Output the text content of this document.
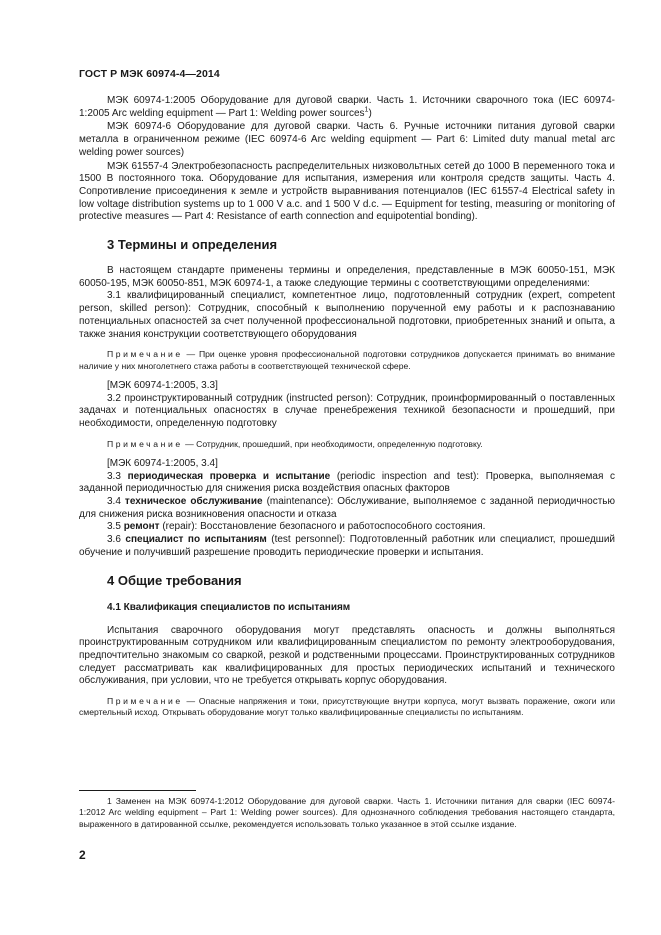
ГОСТ Р МЭК 60974-4—2014

МЭК 60974-1:2005 Оборудование для дуговой сварки. Часть 1. Источники сварочного тока (IEC 60974-1:2005 Arc welding equipment — Part 1: Welding power sources$^1$)

МЭК 60974-6 Оборудование для дуговой сварки. Часть 6. Ручные источники питания дуговой сварки металла в ограниченном режиме (IEC 60974-6 Arc welding equipment — Part 6: Limited duty manual metal arc welding power sources)

МЭК 61557-4 Электробезопасность распределительных низковольтных сетей до 1000 В переменного тока и 1500 В постоянного тока. Оборудование для испытания, измерения или контроля средств защиты. Часть 4. Сопротивление присоединения к земле и устройств выравнивания потенциалов (IEC 61557-4 Electrical safety in low voltage distribution systems up to 1 000 V a.c. and 1 500 V d.c. — Equipment for testing, measuring or monitoring of protective measures — Part 4: Resistance of earth connection and equipotential bonding).

3 Термины и определения

В настоящем стандарте применены термины и определения, представленные в МЭК 60050-151, МЭК 60050-195, МЭК 60050-851, МЭК 60974-1, а также следующие термины с соответствующими определениями:

3.1 квалифицированный специалист, компетентное лицо, подготовленный сотрудник (expert, competent person, skilled person): Сотрудник, способный к выполнению порученной ему работы и к распознаванию потенциальных опасностей за счет полученной профессиональной подготовки, приобретенных знаний и опыта, а также знания конструкции соответствующего оборудования

Примечание — При оценке уровня профессиональной подготовки сотрудников допускается принимать во внимание наличие у них многолетнего стажа работы в соответствующей технической сфере.

[МЭК 60974-1:2005, 3.3]

3.2 проинструктированный сотрудник (instructed person): Сотрудник, проинформированный о поставленных задачах и потенциальных опасностях в случае пренебрежения техникой безопасности и прошедший, при необходимости, определенную подготовку

Примечание — Сотрудник, прошедший, при необходимости, определенную подготовку.

[МЭК 60974-1:2005, 3.4]

3.3 периодическая проверка и испытание (periodic inspection and test): Проверка, выполняемая с заданной периодичностью для снижения риска воздействия опасных факторов

3.4 техническое обслуживание (maintenance): Обслуживание, выполняемое с заданной периодичностью для снижения риска возникновения опасности и отказа

3.5 ремонт (repair): Восстановление безопасного и работоспособного состояния.

3.6 специалист по испытаниям (test personnel): Подготовленный работник или специалист, прошедший обучение и получивший разрешение проводить периодические проверки и испытания.

4 Общие требования
4.1 Квалификация специалистов по испытаниям

Испытания сварочного оборудования могут представлять опасность и должны выполняться проинструктированным сотрудником или квалифицированным специалистом по ремонту электрооборудования, предпочтительно знакомым со сваркой, резкой и родственными процессами. Проинструктированных сотрудников следует рассматривать как квалифицированных для простых периодических испытаний и технического обслуживания, при условии, что не требуется открывать корпус оборудования.

Примечание — Опасные напряжения и токи, присутствующие внутри корпуса, могут вызвать поражение, ожоги или смертельный исход. Открывать оборудование могут только квалифицированные специалисты по испытаниям.

1 Заменен на МЭК 60974-1:2012 Оборудование для дуговой сварки. Часть 1. Источники питания для сварки (IEC 60974-1:2012 Arc welding equipment – Part 1: Welding power sources). Для однозначного соблюдения требования настоящего стандарта, выраженного в датированной ссылке, рекомендуется использовать только указанное в этой ссылке издание.

2
